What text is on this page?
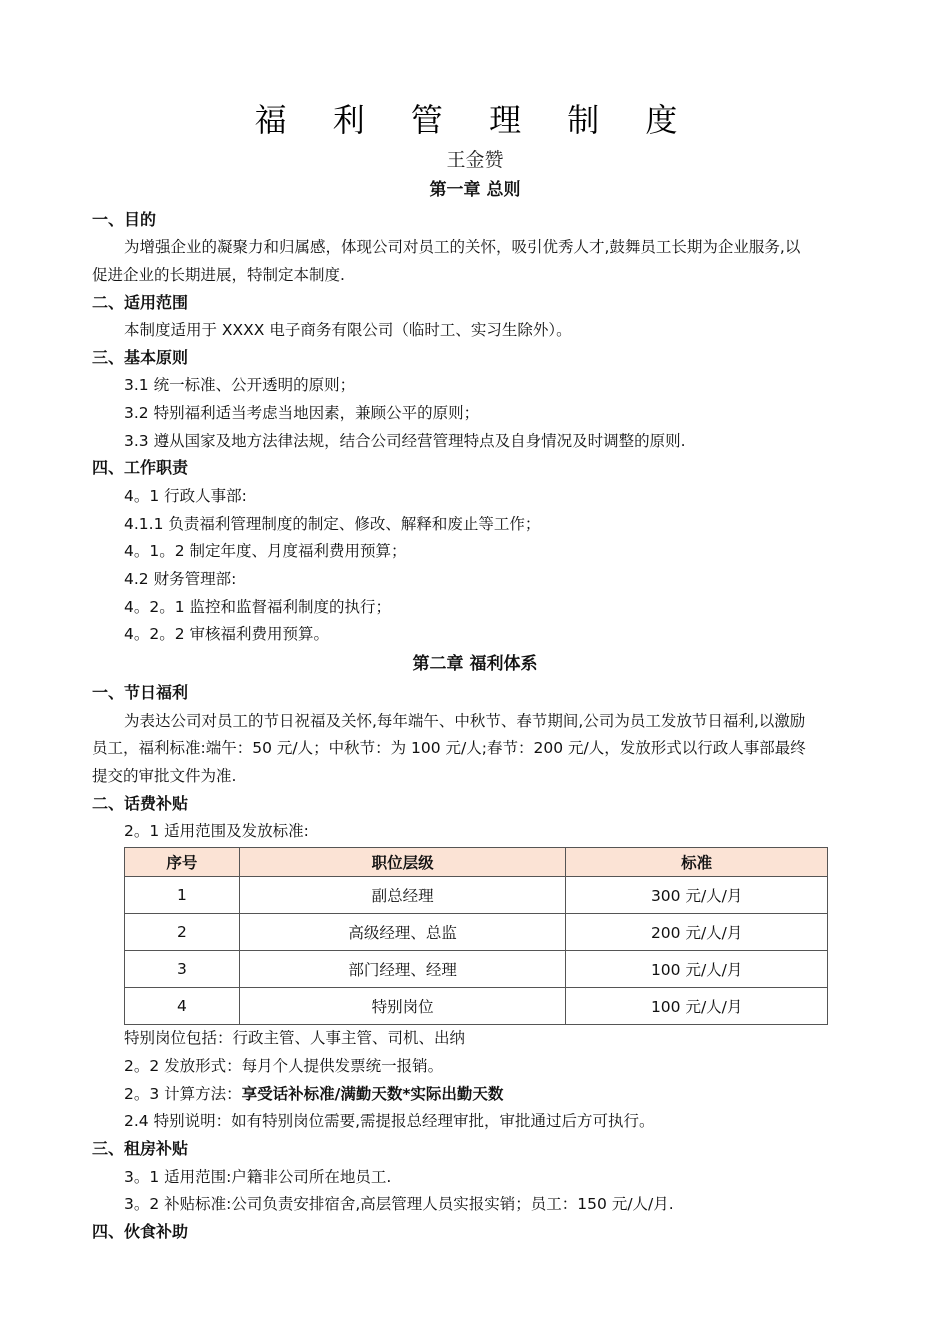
福 利 管 理 制 度
王金赞
第一章 总则
一、目的
为增强企业的凝聚力和归属感，体现公司对员工的关怀，吸引优秀人才,鼓舞员工长期为企业服务,以
促进企业的长期进展，特制定本制度.
二、适用范围
本制度适用于 XXXX 电子商务有限公司（临时工、实习生除外）。
三、基本原则
3.1 统一标准、公开透明的原则；
3.2 特别福利适当考虑当地因素，兼顾公平的原则；
3.3 遵从国家及地方法律法规，结合公司经营管理特点及自身情况及时调整的原则.
四、工作职责
4。1 行政人事部:
4.1.1 负责福利管理制度的制定、修改、解释和废止等工作；
4。1。2 制定年度、月度福利费用预算；
4.2 财务管理部:
4。2。1 监控和监督福利制度的执行；
4。2。2 审核福利费用预算。
第二章 福利体系
一、节日福利
为表达公司对员工的节日祝福及关怀,每年端午、中秋节、春节期间,公司为员工发放节日福利,以激励
员工，福利标准:端午：50 元/人；中秋节：为 100 元/人;春节：200 元/人，发放形式以行政人事部最终
提交的审批文件为准.
二、话费补贴
2。1 适用范围及发放标准:
序号	职位层级	标准
1	副总经理	300 元/人/月
2	高级经理、总监	200 元/人/月
3	部门经理、经理	100 元/人/月
4	特别岗位	100 元/人/月
特别岗位包括：行政主管、人事主管、司机、出纳
2。2 发放形式：每月个人提供发票统一报销。
2。3 计算方法：享受话补标准/满勤天数*实际出勤天数
2.4 特别说明：如有特别岗位需要,需提报总经理审批，审批通过后方可执行。
三、租房补贴
3。1 适用范围:户籍非公司所在地员工.
3。2 补贴标准:公司负责安排宿舍,高层管理人员实报实销；员工：150 元/人/月.
四、伙食补助
